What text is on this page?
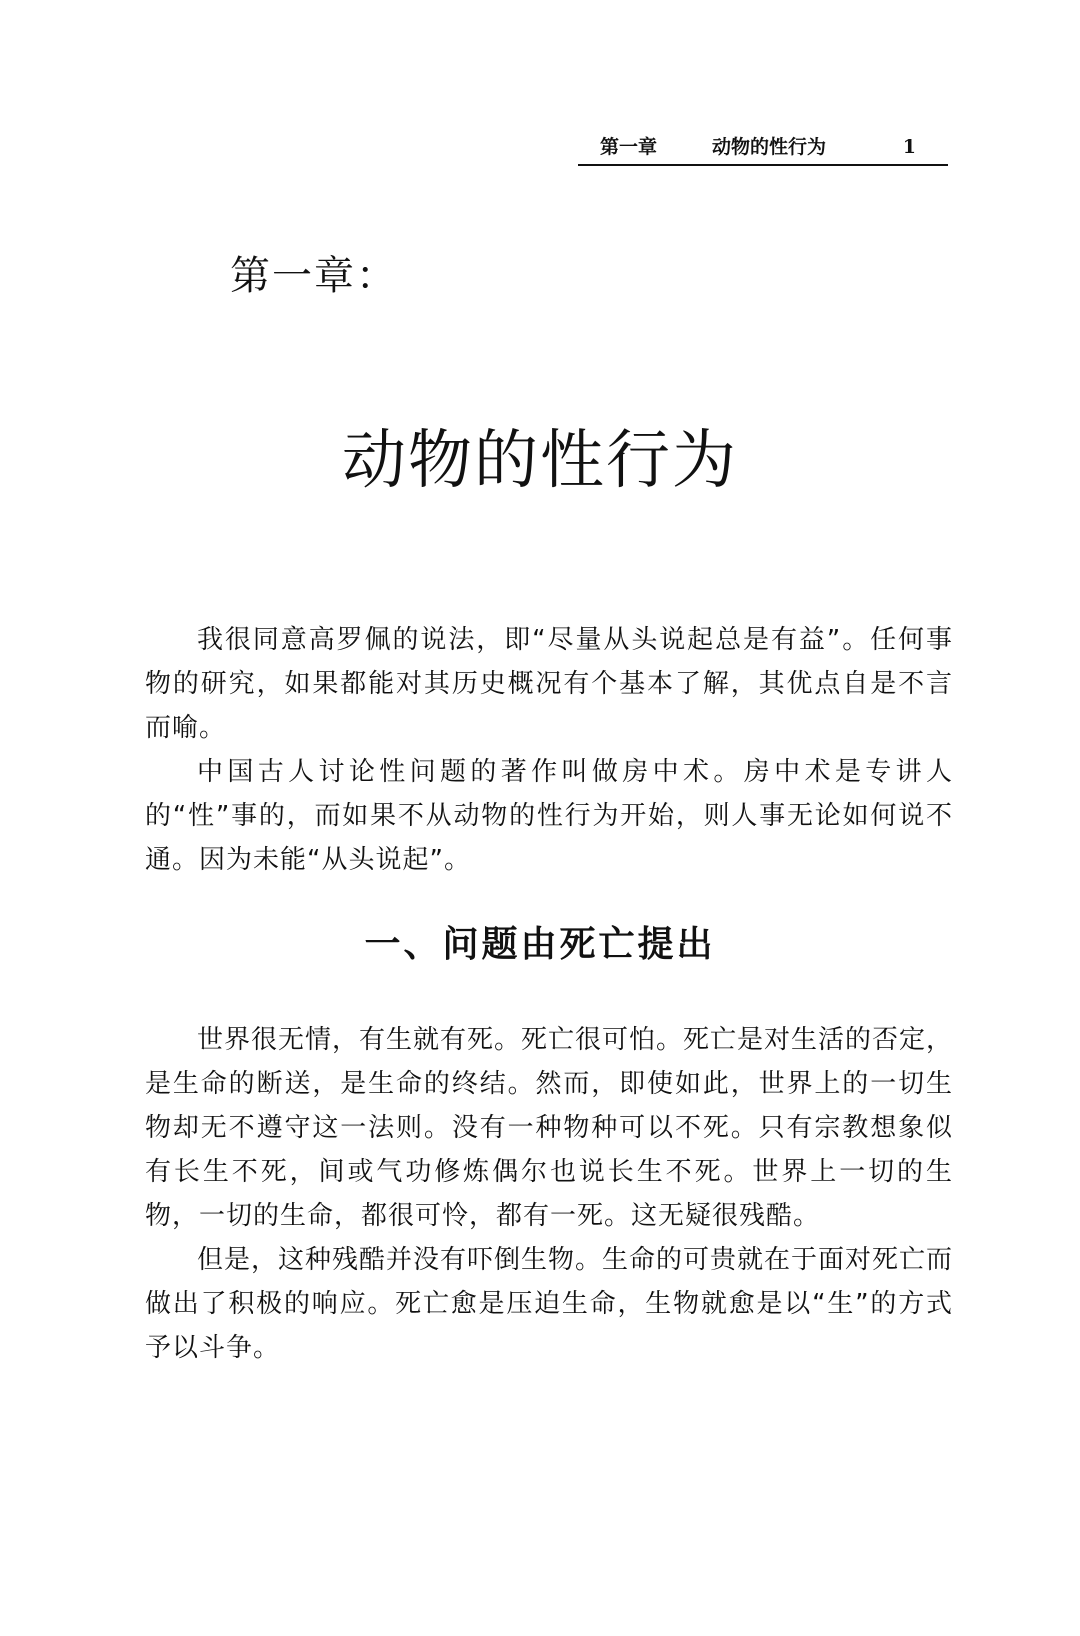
第一章	动物的性行为	1
第一章：
动物的性行为

我很同意高罗佩的说法，即“尽量从头说起总是有益”。任何事物的研究，如果都能对其历史概况有个基本了解，其优点自是不言而喻。

中国古人讨论性问题的著作叫做房中术。房中术是专讲人的“性”事的，而如果不从动物的性行为开始，则人事无论如何说不通。因为未能“从头说起”。

一、问题由死亡提出

世界很无情，有生就有死。死亡很可怕。死亡是对生活的否定，是生命的断送，是生命的终结。然而，即使如此，世界上的一切生物却无不遵守这一法则。没有一种物种可以不死。只有宗教想象似有长生不死，间或气功修炼偶尔也说长生不死。世界上一切的生物，一切的生命，都很可怜，都有一死。这无疑很残酷。

但是，这种残酷并没有吓倒生物。生命的可贵就在于面对死亡而做出了积极的响应。死亡愈是压迫生命，生物就愈是以“生”的方式予以斗争。
